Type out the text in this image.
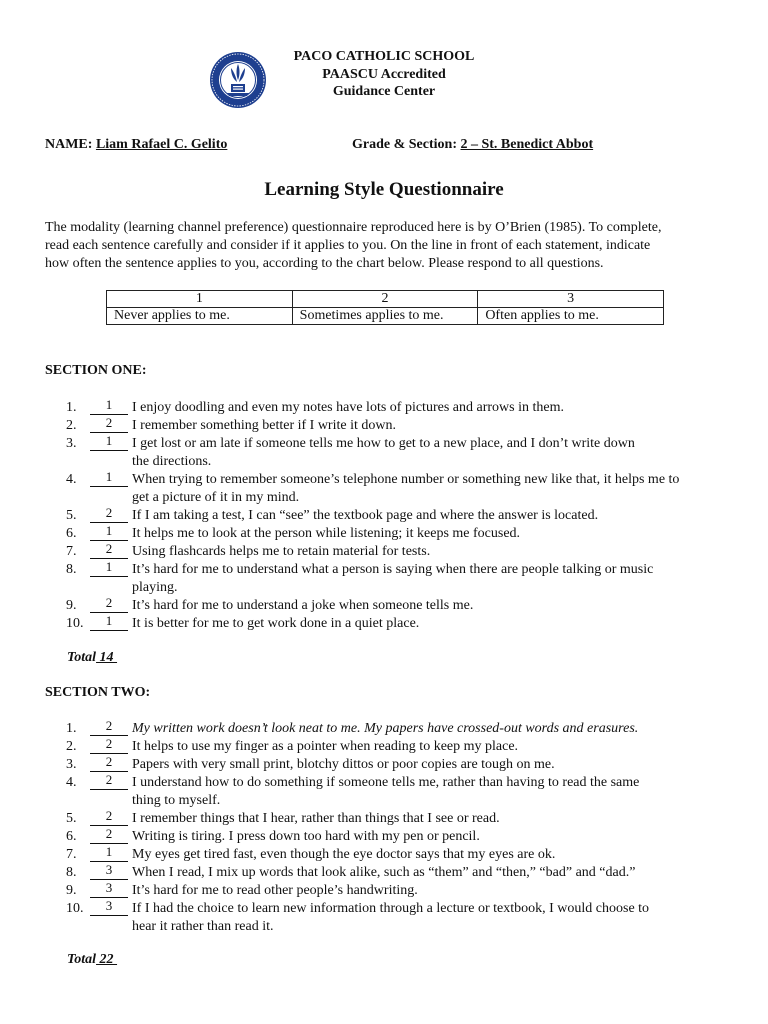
PACO CATHOLIC SCHOOL
PAASCU Accredited
Guidance Center
NAME: Liam Rafael C. Gelito	Grade & Section: 2 – St. Benedict Abbot
Learning Style Questionnaire
The modality (learning channel preference) questionnaire reproduced here is by O’Brien (1985). To complete,
read each sentence carefully and consider if it applies to you. On the line in front of each statement, indicate
how often the sentence applies to you, according to the chart below. Please respond to all questions.
1	2	3
Never applies to me.	Sometimes applies to me.	Often applies to me.
SECTION ONE:
1.	1	I enjoy doodling and even my notes have lots of pictures and arrows in them.
2.	2	I remember something better if I write it down.
3.	1	I get lost or am late if someone tells me how to get to a new place, and I don’t write down
the directions.
4.	1	When trying to remember someone’s telephone number or something new like that, it helps me to
get a picture of it in my mind.
5.	2	If I am taking a test, I can “see” the textbook page and where the answer is located.
6.	1	It helps me to look at the person while listening; it keeps me focused.
7.	2	Using flashcards helps me to retain material for tests.
8.	1	It’s hard for me to understand what a person is saying when there are people talking or music
playing.
9.	2	It’s hard for me to understand a joke when someone tells me.
10.	1	It is better for me to get work done in a quiet place.
Total 14
SECTION TWO:
1.	2	My written work doesn’t look neat to me. My papers have crossed-out words and erasures.
2.	2	It helps to use my finger as a pointer when reading to keep my place.
3.	2	Papers with very small print, blotchy dittos or poor copies are tough on me.
4.	2	I understand how to do something if someone tells me, rather than having to read the same
thing to myself.
5.	2	I remember things that I hear, rather than things that I see or read.
6.	2	Writing is tiring. I press down too hard with my pen or pencil.
7.	1	My eyes get tired fast, even though the eye doctor says that my eyes are ok.
8.	3	When I read, I mix up words that look alike, such as “them” and “then,” “bad” and “dad.”
9.	3	It’s hard for me to read other people’s handwriting.
10.	3	If I had the choice to learn new information through a lecture or textbook, I would choose to
hear it rather than read it.
Total 22
